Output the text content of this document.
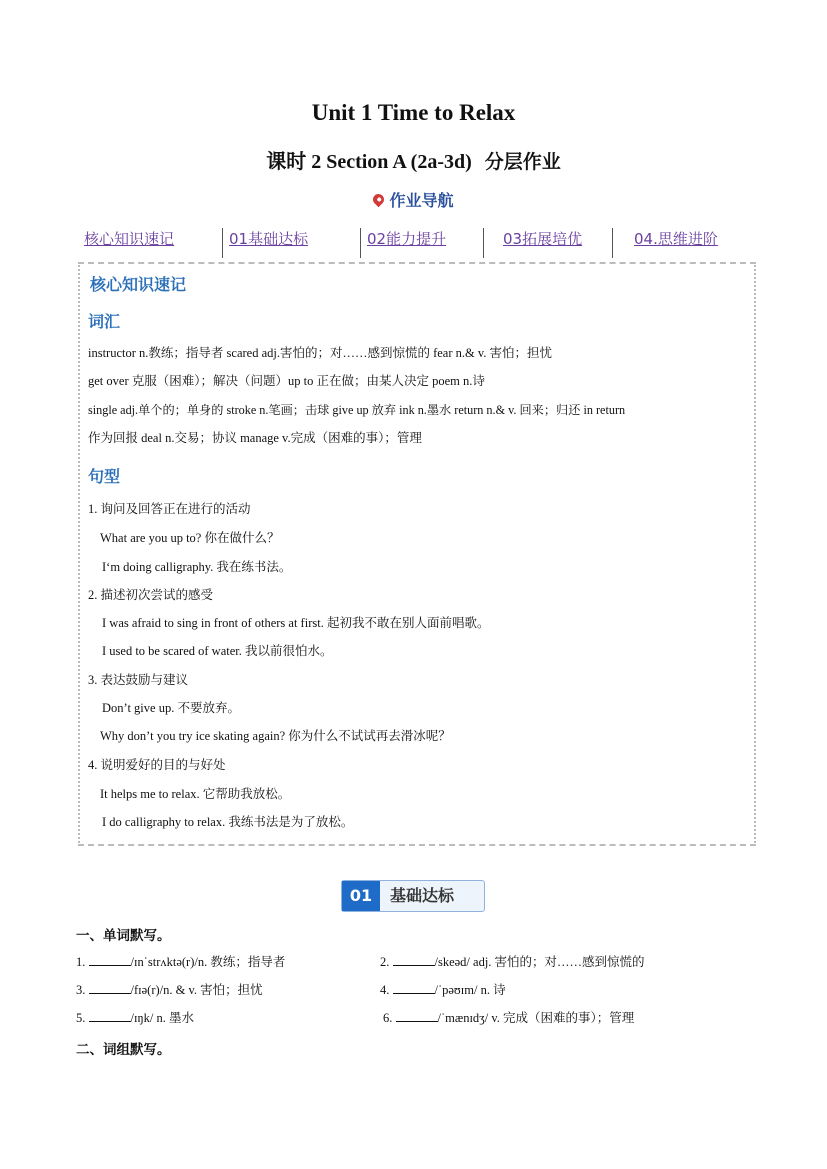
Unit 1 Time to Relax
课时 2 Section A (2a-3d) 分层作业
作业导航
核心知识速记	01基础达标	02能力提升	03拓展培优	04.思维进阶
核心知识速记
词汇
instructor n.教练；指导者 scared adj.害怕的；对……感到惊慌的 fear n.& v. 害怕；担忧
get over 克服（困难）；解决（问题）up to 正在做；由某人决定 poem n.诗
single adj.单个的；单身的 stroke n.笔画；击球 give up 放弃 ink n.墨水 return n.& v. 回来；归还 in return
作为回报 deal n.交易；协议 manage v.完成（困难的事）；管理
句型
1. 询问及回答正在进行的活动
What are you up to? 你在做什么？
I‘m doing calligraphy. 我在练书法。
2. 描述初次尝试的感受
I was afraid to sing in front of others at first. 起初我不敢在别人面前唱歌。
I used to be scared of water. 我以前很怕水。
3. 表达鼓励与建议
Don’t give up. 不要放弃。
Why don’t you try ice skating again? 你为什么不试试再去滑冰呢？
4. 说明爱好的目的与好处
It helps me to relax. 它帮助我放松。
I do calligraphy to relax. 我练书法是为了放松。
01	基础达标
一、单词默写。
1.	/ɪnˈstrʌktə(r)/n. 教练；指导者	2.	/skeəd/ adj. 害怕的；对……感到惊慌的
3.	/fɪə(r)/n. & v. 害怕；担忧	4.	/ˈpəʊɪm/ n. 诗
5.	/ɪŋk/ n. 墨水	6.	/ˈmænɪdʒ/ v. 完成（困难的事）；管理
二、词组默写。
